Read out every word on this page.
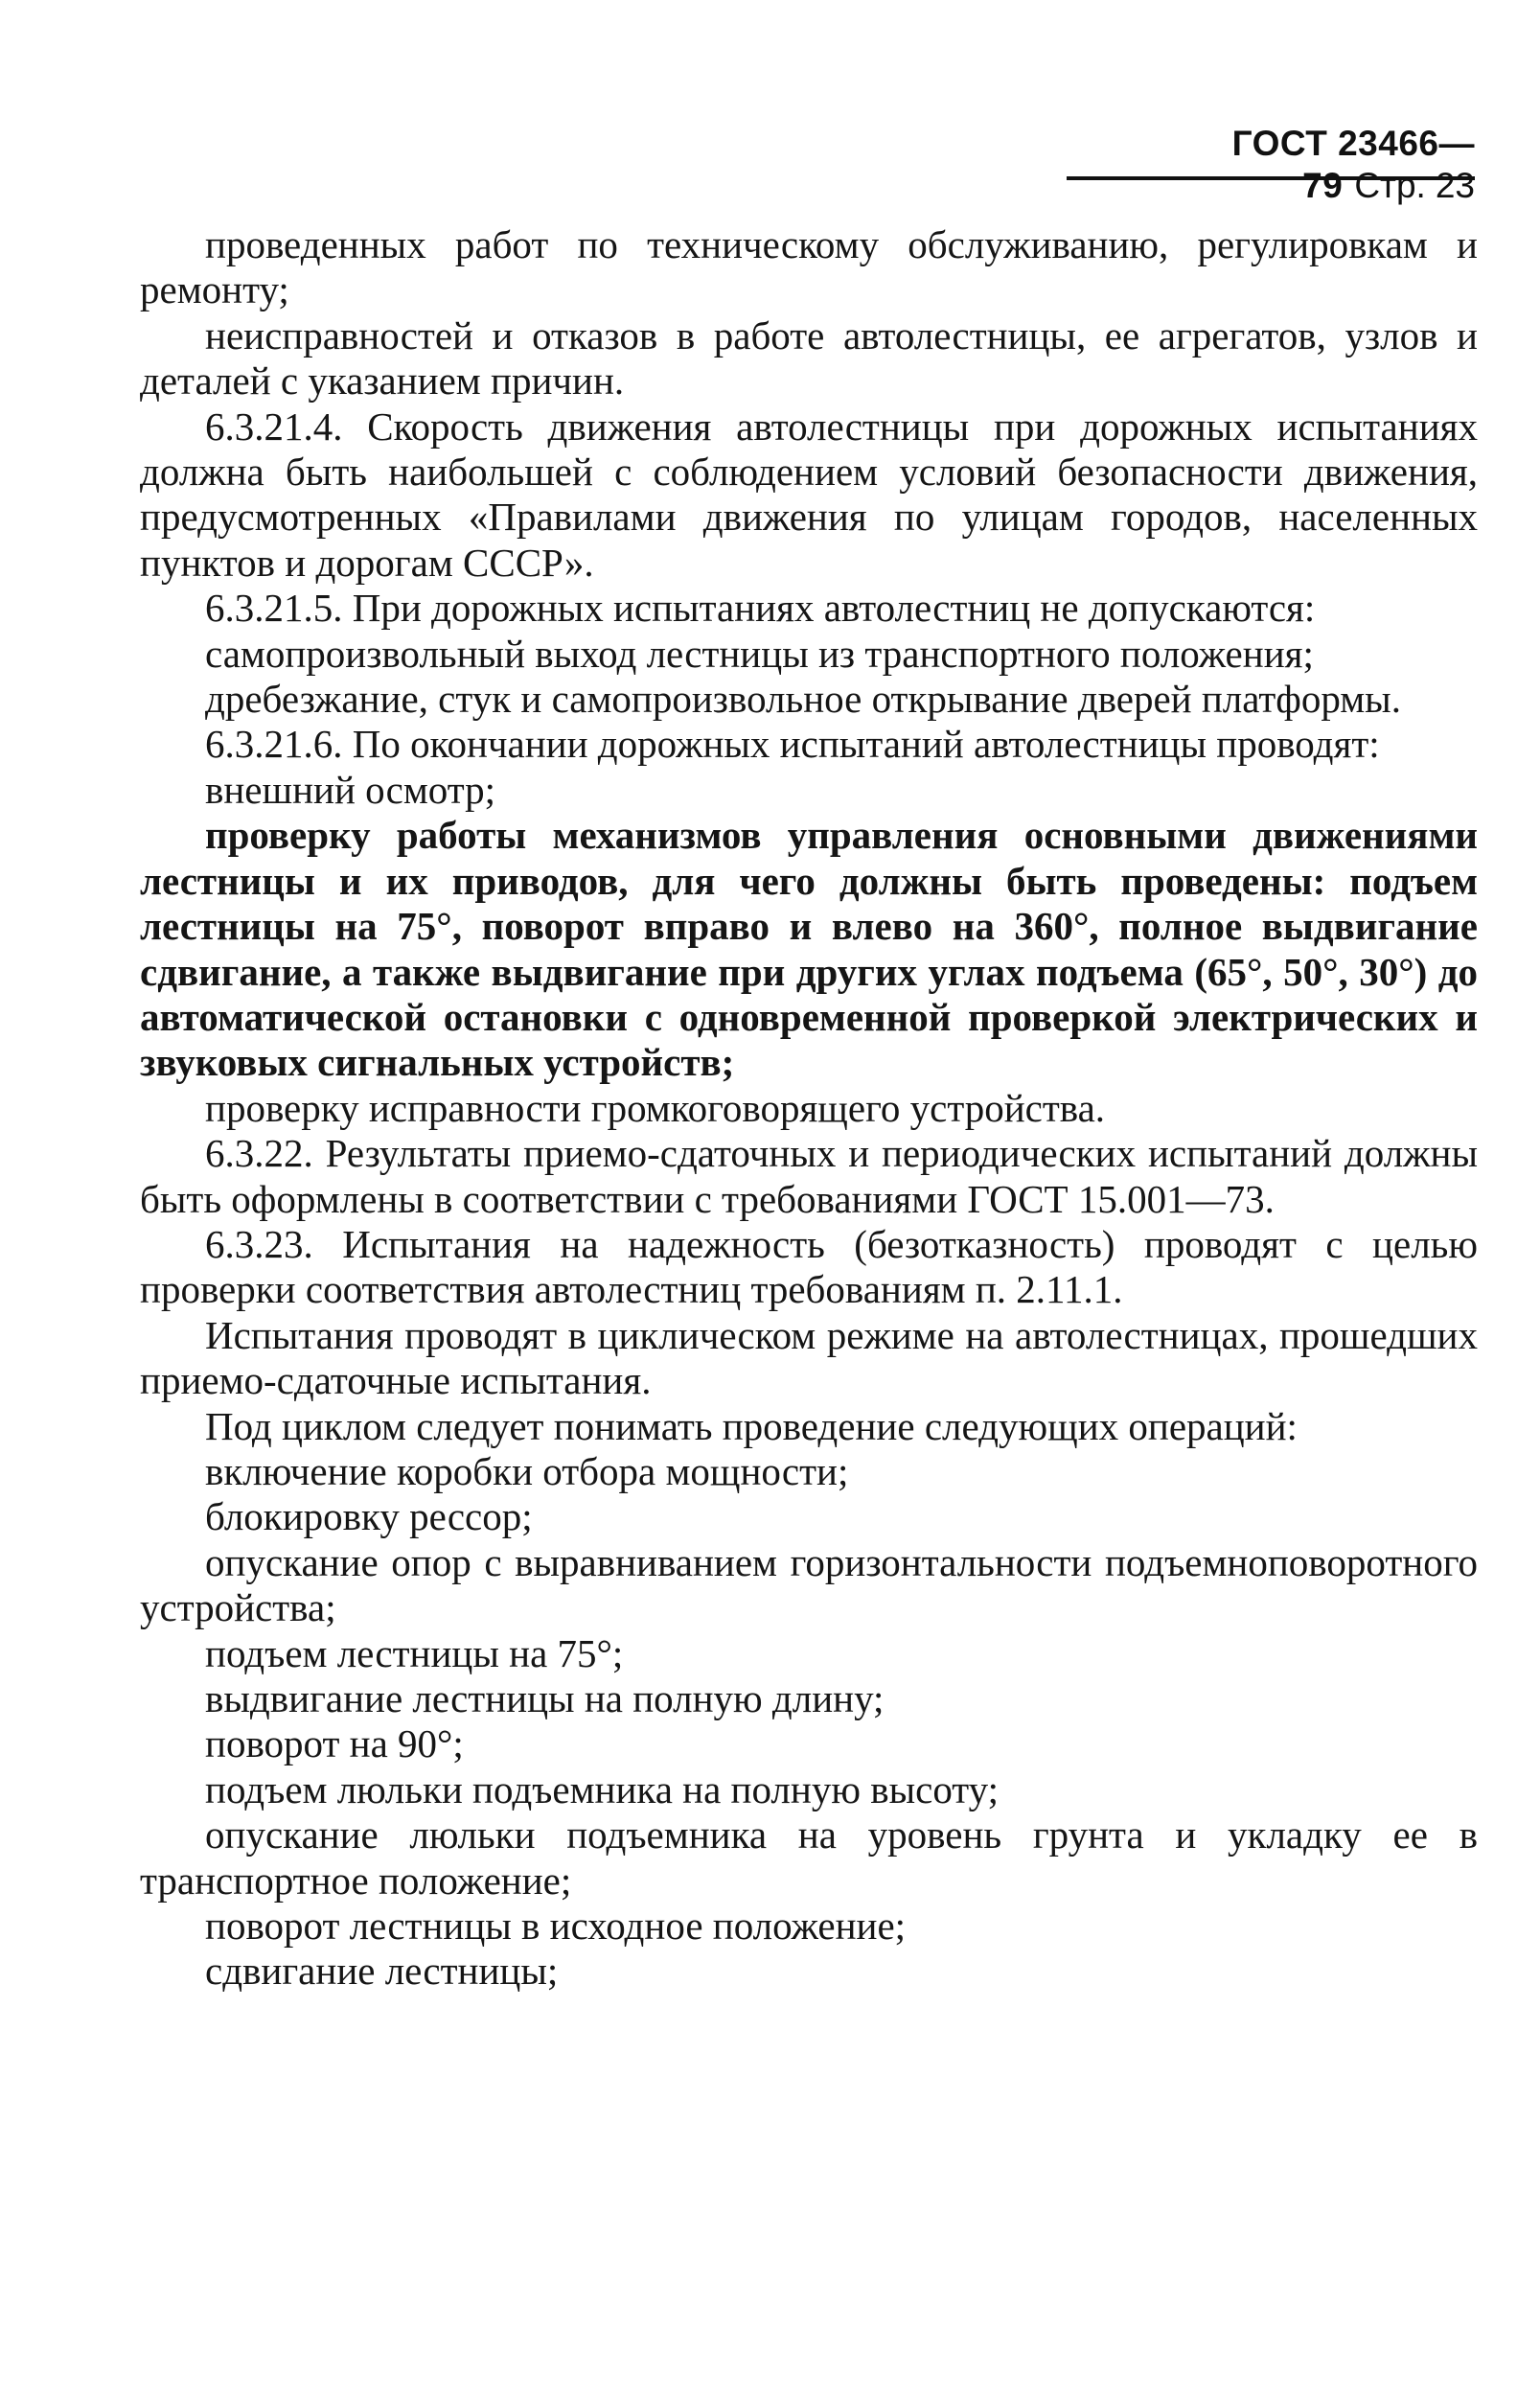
ГОСТ 23466—79 Стр. 23

проведенных работ по техническому обслуживанию, регулировкам и ремонту;

неисправностей и отказов в работе автолестницы, ее агрегатов, узлов и деталей с указанием причин.

6.3.21.4. Скорость движения автолестницы при дорожных испытаниях должна быть наибольшей с соблюдением условий безопасности движения, предусмотренных «Правилами движения по улицам городов, населенных пунктов и дорогам СССР».

6.3.21.5. При дорожных испытаниях автолестниц не допускаются:

самопроизвольный выход лестницы из транспортного положения;

дребезжание, стук и самопроизвольное открывание дверей платформы.

6.3.21.6. По окончании дорожных испытаний автолестницы проводят:

внешний осмотр;

проверку работы механизмов управления основными движениями лестницы и их приводов, для чего должны быть проведены: подъем лестницы на 75°, поворот вправо и влево на 360°, полное выдвигание сдвигание, а также выдвигание при других углах подъема (65°, 50°, 30°) до автоматической остановки с одновременной проверкой электрических и звуковых сигнальных устройств;

проверку исправности громкоговорящего устройства.

6.3.22. Результаты приемо-сдаточных и периодических испытаний должны быть оформлены в соответствии с требованиями ГОСТ 15.001—73.

6.3.23. Испытания на надежность (безотказность) проводят с целью проверки соответствия автолестниц требованиям п. 2.11.1.

Испытания проводят в циклическом режиме на автолестницах, прошедших приемо-сдаточные испытания.

Под циклом следует понимать проведение следующих операций:

включение коробки отбора мощности;

блокировку рессор;

опускание опор с выравниванием горизонтальности подъемноповоротного устройства;

подъем лестницы на 75°;

выдвигание лестницы на полную длину;

поворот на 90°;

подъем люльки подъемника на полную высоту;

опускание люльки подъемника на уровень грунта и укладку ее в транспортное положение;

поворот лестницы в исходное положение;

сдвигание лестницы;
